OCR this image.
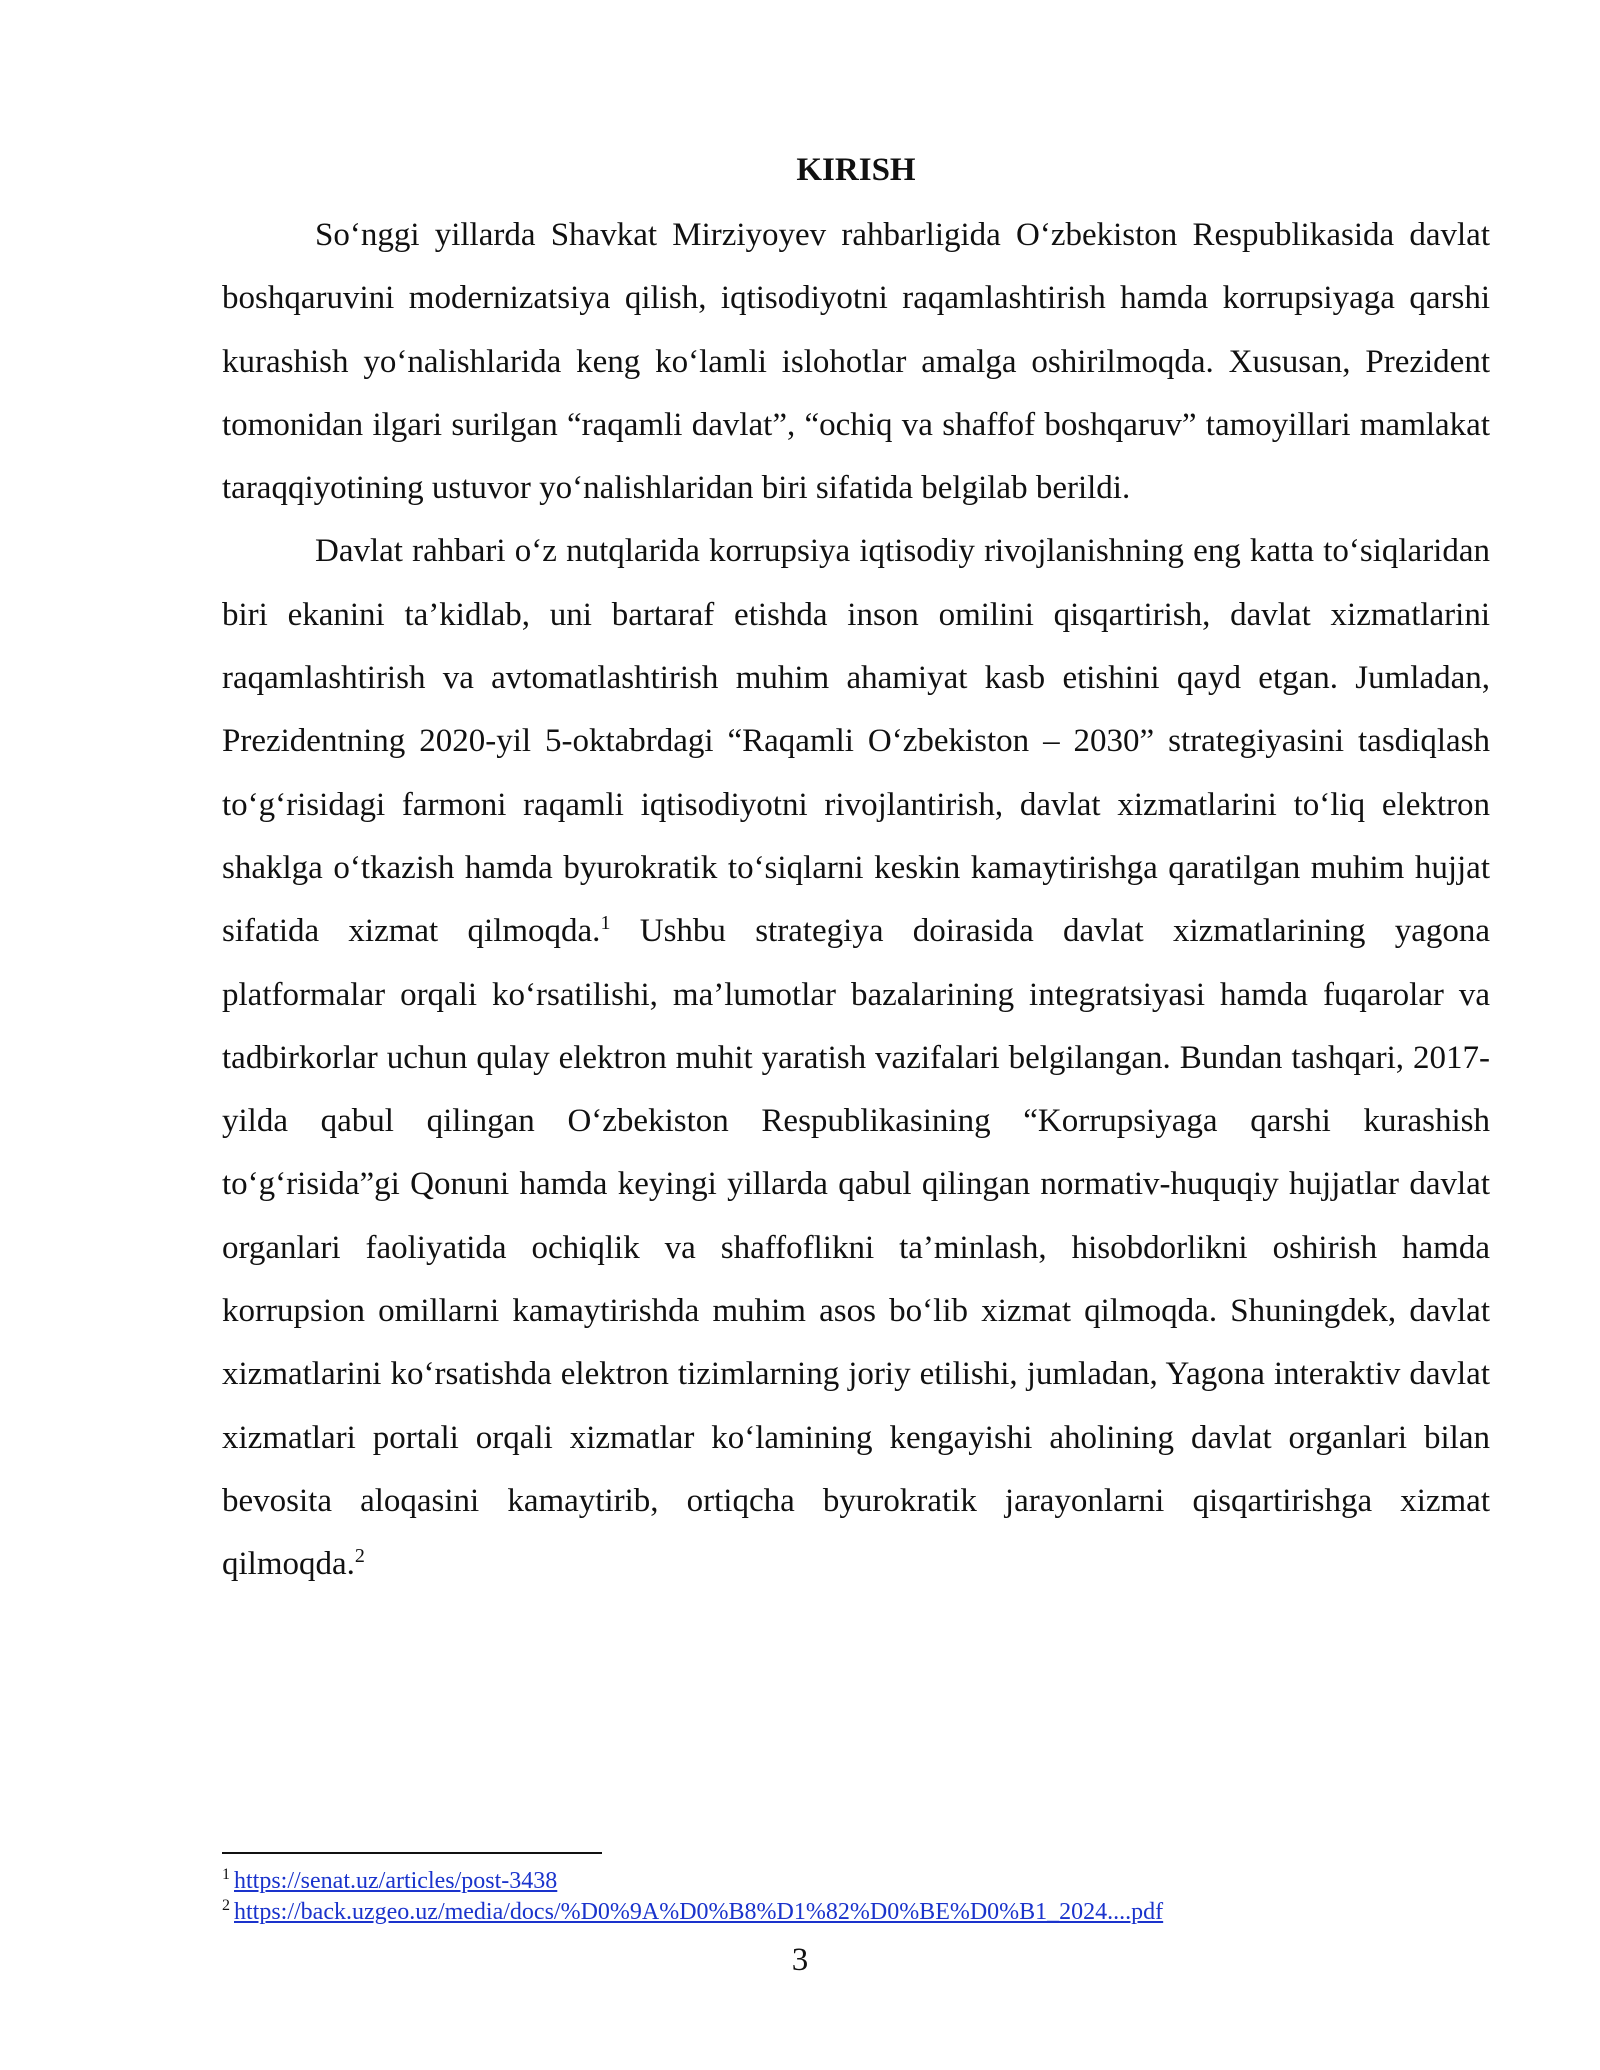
KIRISH

So‘nggi yillarda Shavkat Mirziyoyev rahbarligida O‘zbekiston Respublikasida davlat boshqaruvini modernizatsiya qilish, iqtisodiyotni raqamlashtirish hamda korrupsiyaga qarshi kurashish yo‘nalishlarida keng ko‘lamli islohotlar amalga oshirilmoqda. Xususan, Prezident tomonidan ilgari surilgan “raqamli davlat”, “ochiq va shaffof boshqaruv” tamoyillari mamlakat taraqqiyotining ustuvor yo‘nalishlaridan biri sifatida belgilab berildi.

Davlat rahbari o‘z nutqlarida korrupsiya iqtisodiy rivojlanishning eng katta to‘siqlaridan biri ekanini ta’kidlab, uni bartaraf etishda inson omilini qisqartirish, davlat xizmatlarini raqamlashtirish va avtomatlashtirish muhim ahamiyat kasb etishini qayd etgan. Jumladan, Prezidentning 2020-yil 5-oktabrdagi “Raqamli O‘zbekiston – 2030” strategiyasini tasdiqlash to‘g‘risidagi farmoni raqamli iqtisodiyotni rivojlantirish, davlat xizmatlarini to‘liq elektron shaklga o‘tkazish hamda byurokratik to‘siqlarni keskin kamaytirishga qaratilgan muhim hujjat sifatida xizmat qilmoqda.$^1$ Ushbu strategiya doirasida davlat xizmatlarining yagona platformalar orqali ko‘rsatilishi, ma’lumotlar bazalarining integratsiyasi hamda fuqarolar va tadbirkorlar uchun qulay elektron muhit yaratish vazifalari belgilangan. Bundan tashqari, 2017-yilda qabul qilingan O‘zbekiston Respublikasining “Korrupsiyaga qarshi kurashish to‘g‘risida”gi Qonuni hamda keyingi yillarda qabul qilingan normativ-huquqiy hujjatlar davlat organlari faoliyatida ochiqlik va shaffoflikni ta’minlash, hisobdorlikni oshirish hamda korrupsion omillarni kamaytirishda muhim asos bo‘lib xizmat qilmoqda. Shuningdek, davlat xizmatlarini ko‘rsatishda elektron tizimlarning joriy etilishi, jumladan, Yagona interaktiv davlat xizmatlari portali orqali xizmatlar ko‘lamining kengayishi aholining davlat organlari bilan bevosita aloqasini kamaytirib, ortiqcha byurokratik jarayonlarni qisqartirishga xizmat qilmoqda.$^2$

$^1$ https://senat.uz/articles/post-3438
$^2$ https://back.uzgeo.uz/media/docs/%D0%9A%D0%B8%D1%82%D0%BE%D0%B1_2024....pdf
3
